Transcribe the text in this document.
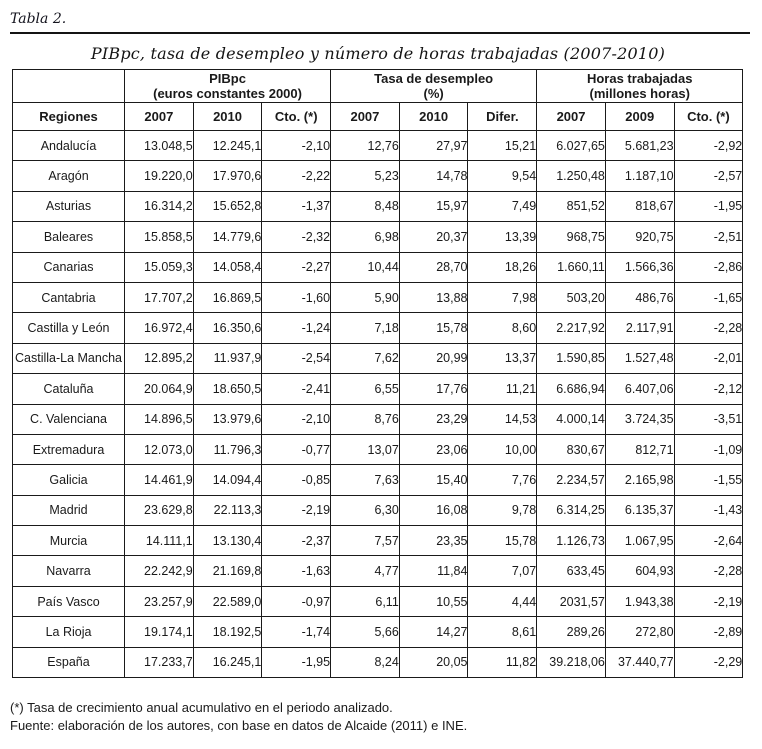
Tabla 2.
PIBpc, tasa de desempleo y número de horas trabajadas (2007-2010)

PIBpc
(euros constantes 2000)

Tasa de desempleo
(%)

Horas trabajadas
(millones horas)

Regiones	2007	2010	Cto. (*)	2007	2010	Difer.	2007	2009	Cto. (*)
Andalucía	13.048,5	12.245,1	-2,10	12,76	27,97	15,21	6.027,65	5.681,23	-2,92
Aragón	19.220,0	17.970,6	-2,22	5,23	14,78	9,54	1.250,48	1.187,10	-2,57
Asturias	16.314,2	15.652,8	-1,37	8,48	15,97	7,49	851,52	818,67	-1,95
Baleares	15.858,5	14.779,6	-2,32	6,98	20,37	13,39	968,75	920,75	-2,51
Canarias	15.059,3	14.058,4	-2,27	10,44	28,70	18,26	1.660,11	1.566,36	-2,86
Cantabria	17.707,2	16.869,5	-1,60	5,90	13,88	7,98	503,20	486,76	-1,65
Castilla y León	16.972,4	16.350,6	-1,24	7,18	15,78	8,60	2.217,92	2.117,91	-2,28
Castilla-La Mancha	12.895,2	11.937,9	-2,54	7,62	20,99	13,37	1.590,85	1.527,48	-2,01
Cataluña	20.064,9	18.650,5	-2,41	6,55	17,76	11,21	6.686,94	6.407,06	-2,12
C. Valenciana	14.896,5	13.979,6	-2,10	8,76	23,29	14,53	4.000,14	3.724,35	-3,51
Extremadura	12.073,0	11.796,3	-0,77	13,07	23,06	10,00	830,67	812,71	-1,09
Galicia	14.461,9	14.094,4	-0,85	7,63	15,40	7,76	2.234,57	2.165,98	-1,55
Madrid	23.629,8	22.113,3	-2,19	6,30	16,08	9,78	6.314,25	6.135,37	-1,43
Murcia	14.111,1	13.130,4	-2,37	7,57	23,35	15,78	1.126,73	1.067,95	-2,64
Navarra	22.242,9	21.169,8	-1,63	4,77	11,84	7,07	633,45	604,93	-2,28
País Vasco	23.257,9	22.589,0	-0,97	6,11	10,55	4,44	2031,57	1.943,38	-2,19
La Rioja	19.174,1	18.192,5	-1,74	5,66	14,27	8,61	289,26	272,80	-2,89
España	17.233,7	16.245,1	-1,95	8,24	20,05	11,82	39.218,06	37.440,77	-2,29
(*) Tasa de crecimiento anual acumulativo en el periodo analizado.
Fuente: elaboración de los autores, con base en datos de Alcaide (2011) e INE.
